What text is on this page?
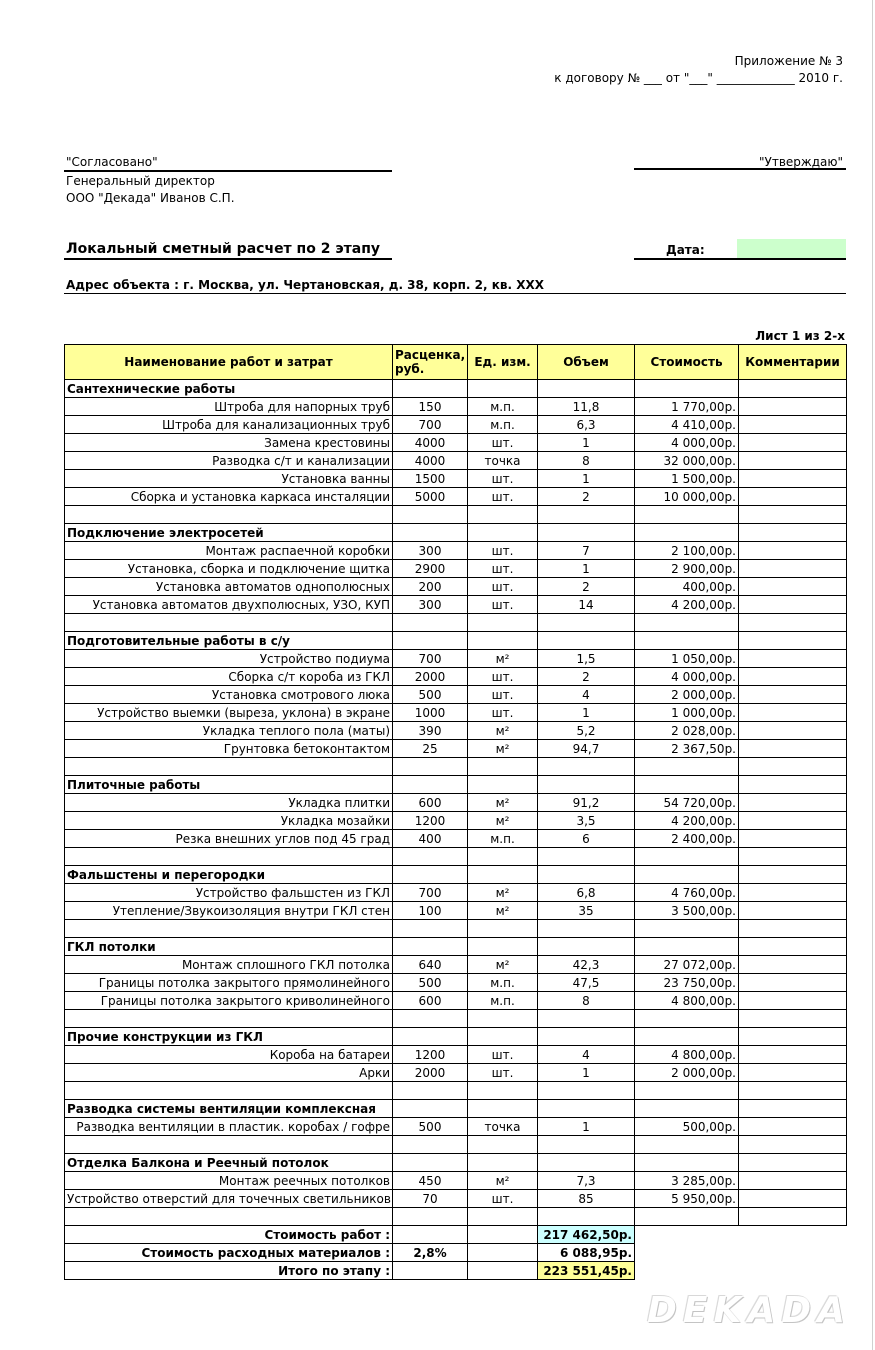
Приложение № 3
к договору № ___ от "___" _____________ 2010 г.
"Согласовано"
Генеральный директор
ООО "Декада" Иванов С.П.
"Утверждаю"
Локальный сметный расчет по 2 этапу	Дата:
Адрес объекта : г. Москва, ул. Чертановская, д. 38, корп. 2, кв. ХХХ
Лист 1 из 2-х
Наименование работ и затрат	Расценка, руб.	Ед. изм.	Объем	Стоимость	Комментарии
Сантехнические работы					
Штроба для напорных труб	150	м.п.	11,8	1 770,00р.	
Штроба для канализационных труб	700	м.п.	6,3	4 410,00р.	
Замена крестовины	4000	шт.	1	4 000,00р.	
Разводка с/т и канализации	4000	точка	8	32 000,00р.	
Установка ванны	1500	шт.	1	1 500,00р.	
Сборка и установка каркаса инсталяции	5000	шт.	2	10 000,00р.	

Подключение электросетей					
Монтаж распаечной коробки	300	шт.	7	2 100,00р.	
Установка, сборка и подключение щитка	2900	шт.	1	2 900,00р.	
Установка автоматов однополюсных	200	шт.	2	400,00р.	
Установка автоматов двухполюсных, УЗО, КУП	300	шт.	14	4 200,00р.	

Подготовительные работы в с/у					
Устройство подиума	700	м²	1,5	1 050,00р.	
Сборка с/т короба из ГКЛ	2000	шт.	2	4 000,00р.	
Установка смотрового люка	500	шт.	4	2 000,00р.	
Устройство выемки (выреза, уклона) в экране	1000	шт.	1	1 000,00р.	
Укладка теплого пола (маты)	390	м²	5,2	2 028,00р.	
Грунтовка бетоконтактом	25	м²	94,7	2 367,50р.	

Плиточные работы					
Укладка плитки	600	м²	91,2	54 720,00р.	
Укладка мозайки	1200	м²	3,5	4 200,00р.	
Резка внешних углов под 45 град	400	м.п.	6	2 400,00р.	

Фальшстены и перегородки					
Устройство фальшстен из ГКЛ	700	м²	6,8	4 760,00р.	
Утепление/Звукоизоляция внутри ГКЛ стен	100	м²	35	3 500,00р.	

ГКЛ потолки					
Монтаж сплошного ГКЛ потолка	640	м²	42,3	27 072,00р.	
Границы потолка закрытого прямолинейного	500	м.п.	47,5	23 750,00р.	
Границы потолка закрытого криволинейного	600	м.п.	8	4 800,00р.	

Прочие конструкции из ГКЛ					
Короба на батареи	1200	шт.	4	4 800,00р.	
Арки	2000	шт.	1	2 000,00р.	

Разводка системы вентиляции комплексная					
Разводка вентиляции в пластик. коробах / гофре	500	точка	1	500,00р.	

Отделка Балкона и Реечный потолок					
Монтаж реечных потолков	450	м²	7,3	3 285,00р.	
Устройство отверстий для точечных светильников	70	шт.	85	5 950,00р.	

Стоимость работ :			217 462,50р.		
Стоимость расходных материалов :	2,8%		6 088,95р.		
Итого по этапу :			223 551,45р.		
DEKADA
